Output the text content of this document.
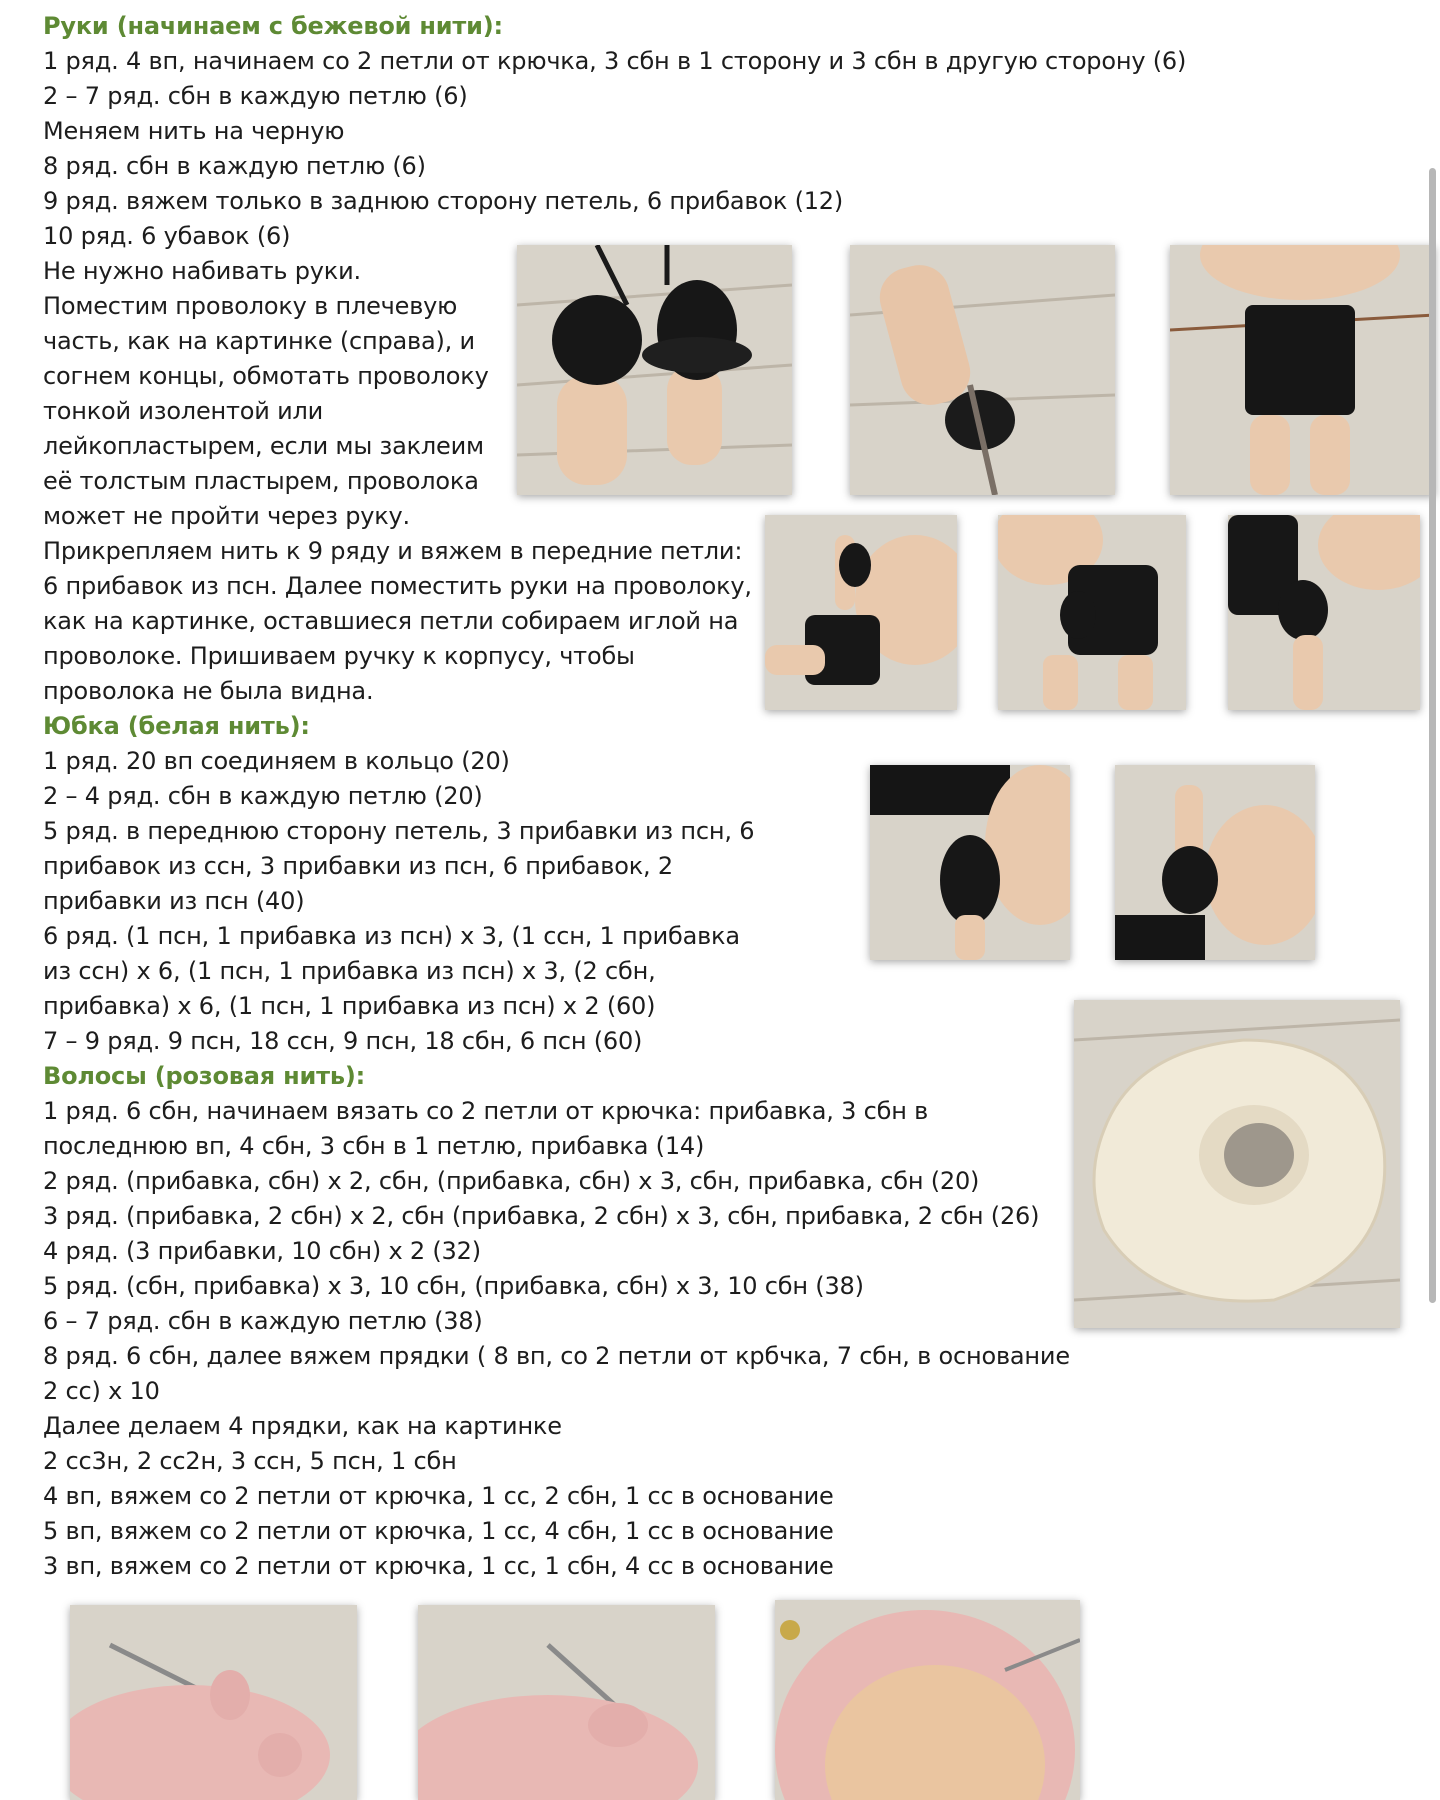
Руки (начинаем с бежевой нити):
1 ряд. 4 вп, начинаем со 2 петли от крючка, 3 сбн в 1 сторону и 3 сбн в другую сторону (6)
2 – 7 ряд. сбн в каждую петлю (6)
Меняем нить на черную
8 ряд. сбн в каждую петлю (6)
9 ряд. вяжем только в заднюю сторону петель, 6 прибавок (12)
10 ряд. 6 убавок (6)
Не нужно набивать руки.
Поместим проволоку в плечевую
часть, как на картинке (справа), и
согнем концы, обмотать проволоку
тонкой изолентой или
лейкопластырем, если мы заклеим
её толстым пластырем, проволока
может не пройти через руку.
Прикрепляем нить к 9 ряду и вяжем в передние петли:
6 прибавок из псн. Далее поместить руки на проволоку,
как на картинке, оставшиеся петли собираем иглой на
проволоке. Пришиваем ручку к корпусу, чтобы
проволока не была видна.
Юбка (белая нить):
1 ряд. 20 вп соединяем в кольцо (20)
2 – 4 ряд. сбн в каждую петлю (20)
5 ряд. в переднюю сторону петель, 3 прибавки из псн, 6
прибавок из ссн, 3 прибавки из псн, 6 прибавок, 2
прибавки из псн (40)
6 ряд. (1 псн, 1 прибавка из псн) х 3, (1 ссн, 1 прибавка
из ссн) х 6, (1 псн, 1 прибавка из псн) х 3, (2 сбн,
прибавка) х 6, (1 псн, 1 прибавка из псн) х 2 (60)
7 – 9 ряд. 9 псн, 18 ссн, 9 псн, 18 сбн, 6 псн (60)
Волосы (розовая нить):
1 ряд. 6 сбн, начинаем вязать со 2 петли от крючка: прибавка, 3 сбн в
последнюю вп, 4 сбн, 3 сбн в 1 петлю, прибавка (14)
2 ряд. (прибавка, сбн) х 2, сбн, (прибавка, сбн) х 3, сбн, прибавка, сбн (20)
3 ряд. (прибавка, 2 сбн) х 2, сбн (прибавка, 2 сбн) х 3, сбн, прибавка, 2 сбн (26)
4 ряд. (3 прибавки, 10 сбн) х 2 (32)
5 ряд. (сбн, прибавка) х 3, 10 сбн, (прибавка, сбн) х 3, 10 сбн (38)
6 – 7 ряд. сбн в каждую петлю (38)
8 ряд. 6 сбн, далее вяжем прядки ( 8 вп, со 2 петли от крбчка, 7 сбн, в основание
2 сс) х 10
Далее делаем 4 прядки, как на картинке
2 сс3н, 2 сс2н, 3 ссн, 5 псн, 1 сбн
4 вп, вяжем со 2 петли от крючка, 1 сс, 2 сбн, 1 сс в основание
5 вп, вяжем со 2 петли от крючка, 1 сс, 4 сбн, 1 сс в основание
3 вп, вяжем со 2 петли от крючка, 1 сс, 1 сбн, 4 сс в основание
